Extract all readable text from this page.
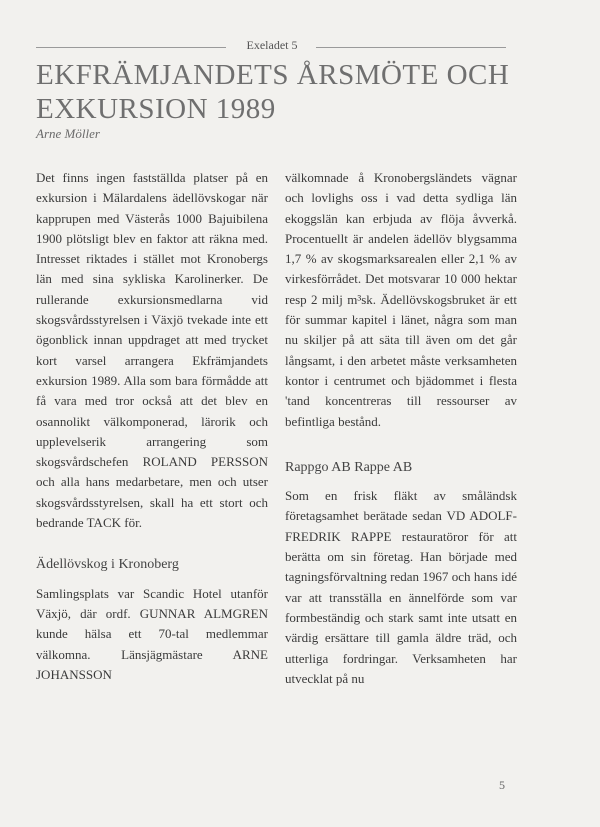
Exeladet 5
EKFRÄMJANDETS ÅRSMÖTE OCH EXKURSION 1989
Arne Möller

Det finns ingen fastställda platser på en exkursion i Mälardalens ädellövskogar när kapprupen med Västerås 1000 Bajuibilena 1900 plötsligt blev en faktor att räkna med. Intresset riktades i stället mot Kronobergs län med sina sykliska Karolinerker. De rullerande exkursionsmedlarna vid skogsvårdsstyrelsen i Växjö tvekade inte ett ögonblick innan uppdraget att med trycket kort varsel arrangera Ekfrämjandets exkursion 1989. Alla som bara förmådde att få vara med tror också att det blev en osannolikt välkomponerad, lärorik och upplevelserik arrangering som skogsvårdschefen ROLAND PERSSON och alla hans medarbetare, men och utser skogsvårdsstyrelsen, skall ha ett stort och bedrande TACK för.

Ädellövskog i Kronoberg

Samlingsplats var Scandic Hotel utanför Växjö, där ordf. GUNNAR ALMGREN kunde hälsa ett 70-tal medlemmar välkomna. Länsjägmästare ARNE JOHANSSON

välkomnade å Kronobergsländets vägnar och lovlighs oss i vad detta sydliga län ekoggslän kan erbjuda av flöja åvverkå. Procentuellt är andelen ädellöv blygsamma 1,7 % av skogsmarksarealen eller 2,1 % av virkesförrådet. Det motsvarar 10 000 hektar resp 2 milj m³sk. Ädellövskogsbruket är ett för summar kapitel i länet, några som man nu skiljer på att säta till även om det går långsamt, i den arbetet måste verksamheten kontor i centrumet och bjädommet i flesta 'tand koncentreras till ressourser av befintliga bestånd.

Rappgo AB Rappe AB

Som en frisk fläkt av småländsk företagsamhet berätade sedan VD ADOLF-FREDRIK RAPPE restauratöror för att berätta om sin företag. Han började med tagningsförvaltning redan 1967 och hans idé var att transställa en ännelförde som var formbeständig och stark samt inte utsatt en värdig ersättare till gamla äldre träd, och utterliga fordringar. Verksamheten har utvecklat på nu

5
